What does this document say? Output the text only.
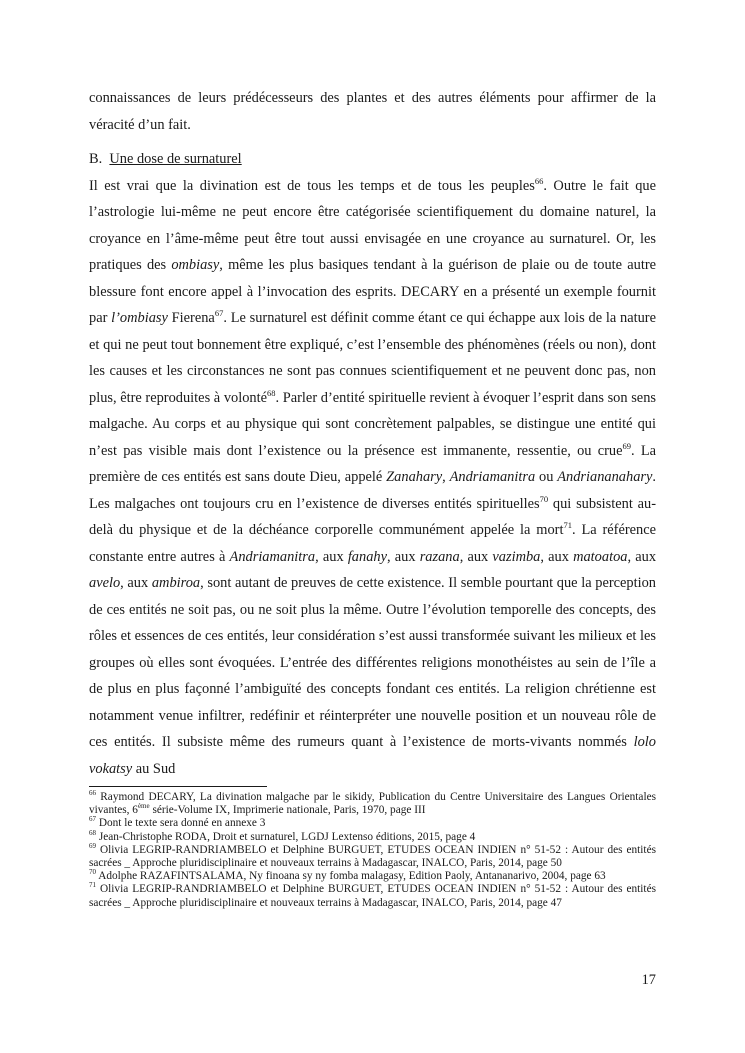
connaissances de leurs prédécesseurs des plantes et des autres éléments pour affirmer de la véracité d’un fait.

B. Une dose de surnaturel

Il est vrai que la divination est de tous les temps et de tous les peuples$^{66}$. Outre le fait que l’astrologie lui-même ne peut encore être catégorisée scientifiquement du domaine naturel, la croyance en l’âme-même peut être tout aussi envisagée en une croyance au surnaturel. Or, les pratiques des ombiasy, même les plus basiques tendant à la guérison de plaie ou de toute autre blessure font encore appel à l’invocation des esprits. DECARY en a présenté un exemple fournit par l’ombiasy Fierena$^{67}$. Le surnaturel est définit comme étant ce qui échappe aux lois de la nature et qui ne peut tout bonnement être expliqué, c’est l’ensemble des phénomènes (réels ou non), dont les causes et les circonstances ne sont pas connues scientifiquement et ne peuvent donc pas, non plus, être reproduites à volonté$^{68}$. Parler d’entité spirituelle revient à évoquer l’esprit dans son sens malgache. Au corps et au physique qui sont concrètement palpables, se distingue une entité qui n’est pas visible mais dont l’existence ou la présence est immanente, ressentie, ou crue$^{69}$. La première de ces entités est sans doute Dieu, appelé Zanahary, Andriamanitra ou Andriananahary. Les malgaches ont toujours cru en l’existence de diverses entités spirituelles$^{70}$ qui subsistent au-delà du physique et de la déchéance corporelle communément appelée la mort$^{71}$. La référence constante entre autres à Andriamanitra, aux fanahy, aux razana, aux vazimba, aux matoatoa, aux avelo, aux ambiroa, sont autant de preuves de cette existence. Il semble pourtant que la perception de ces entités ne soit pas, ou ne soit plus la même. Outre l’évolution temporelle des concepts, des rôles et essences de ces entités, leur considération s’est aussi transformée suivant les milieux et les groupes où elles sont évoquées. L’entrée des différentes religions monothéistes au sein de l’île a de plus en plus façonné l’ambiguïté des concepts fondant ces entités. La religion chrétienne est notamment venue infiltrer, redéfinir et réinterpréter une nouvelle position et un nouveau rôle de ces entités. Il subsiste même des rumeurs quant à l’existence de morts-vivants nommés lolo vokatsy au Sud

$^{66}$ Raymond DECARY, La divination malgache par le sikidy, Publication du Centre Universitaire des Langues Orientales vivantes, 6ème série-Volume IX, Imprimerie nationale, Paris, 1970, page III

$^{67}$ Dont le texte sera donné en annexe 3

$^{68}$ Jean-Christophe RODA, Droit et surnaturel, LGDJ Lextenso éditions, 2015, page 4

$^{69}$ Olivia LEGRIP-RANDRIAMBELO et Delphine BURGUET, ETUDES OCEAN INDIEN n° 51-52 : Autour des entités sacrées _ Approche pluridisciplinaire et nouveaux terrains à Madagascar, INALCO, Paris, 2014, page 50

$^{70}$ Adolphe RAZAFINTSALAMA, Ny finoana sy ny fomba malagasy, Edition Paoly, Antananarivo, 2004, page 63

$^{71}$ Olivia LEGRIP-RANDRIAMBELO et Delphine BURGUET, ETUDES OCEAN INDIEN n° 51-52 : Autour des entités sacrées _ Approche pluridisciplinaire et nouveaux terrains à Madagascar, INALCO, Paris, 2014, page 47

17
